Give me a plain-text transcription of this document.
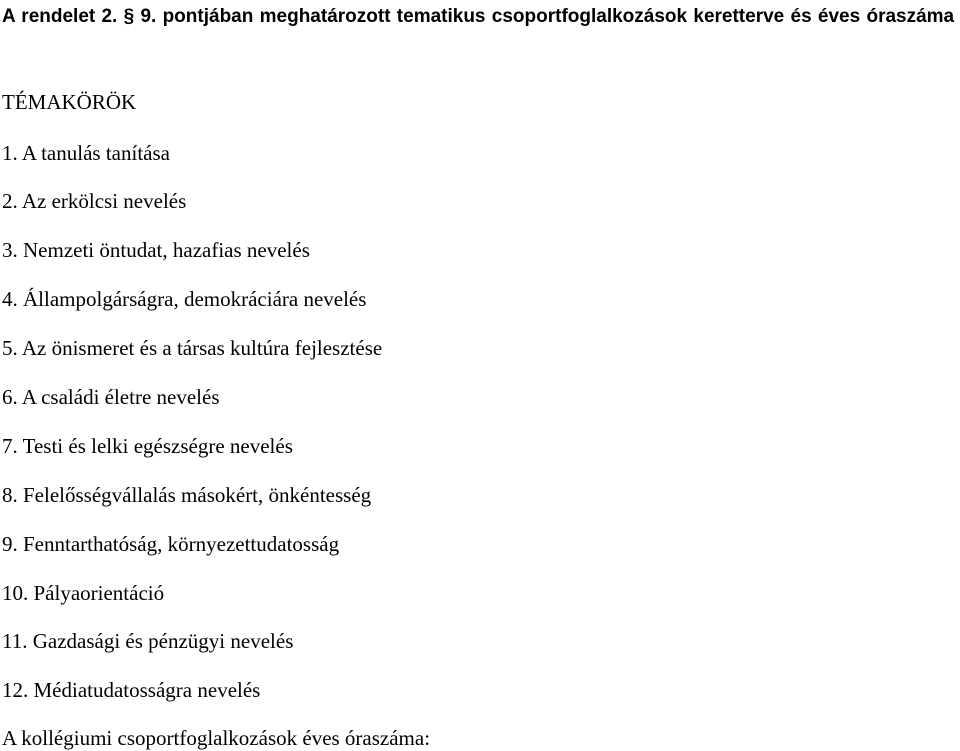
A rendelet 2. § 9. pontjában meghatározott tematikus csoportfoglalkozások keretterve és éves óraszáma
TÉMAKÖRÖK
1. A tanulás tanítása
2. Az erkölcsi nevelés
3. Nemzeti öntudat, hazafias nevelés
4. Állampolgárságra, demokráciára nevelés
5. Az önismeret és a társas kultúra fejlesztése
6. A családi életre nevelés
7. Testi és lelki egészségre nevelés
8. Felelősségvállalás másokért, önkéntesség
9. Fenntarthatóság, környezettudatosság
10. Pályaorientáció
11. Gazdasági és pénzügyi nevelés
12. Médiatudatosságra nevelés
A kollégiumi csoportfoglalkozások éves óraszáma:
